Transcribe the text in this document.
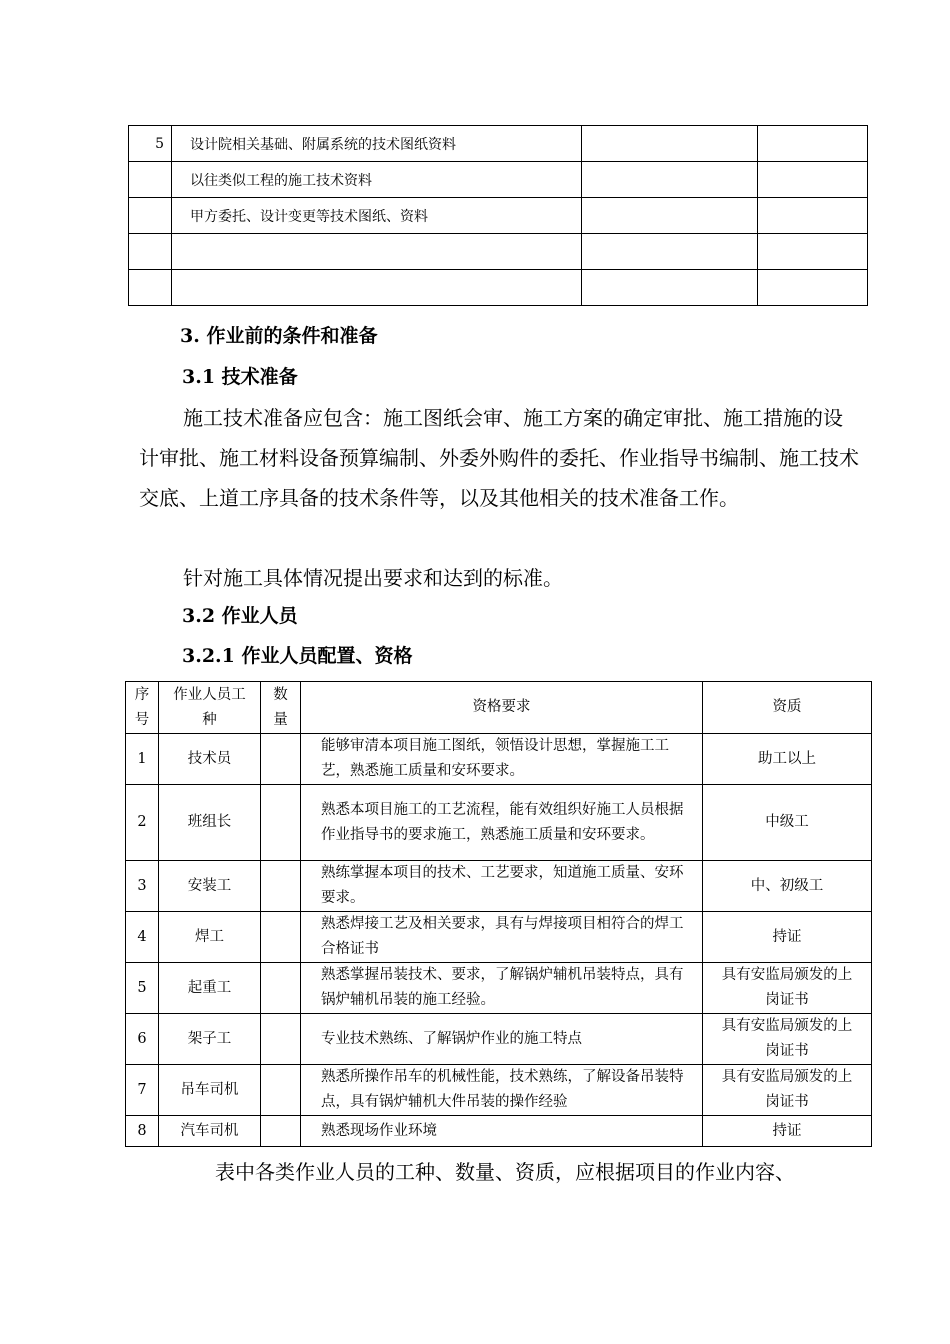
5	设计院相关基础、附属系统的技术图纸资料		
	以往类似工程的施工技术资料		
	甲方委托、设计变更等技术图纸、资料		

3. 作业前的条件和准备
3.1 技术准备
施工技术准备应包含：施工图纸会审、施工方案的确定审批、施工措施的设计审批、施工材料设备预算编制、外委外购件的委托、作业指导书编制、施工技术交底、上道工序具备的技术条件等，以及其他相关的技术准备工作。
针对施工具体情况提出要求和达到的标准。
3.2 作业人员
3.2.1 作业人员配置、资格
序号	作业人员工种	数量	资格要求	资质
1	技术员		能够审清本项目施工图纸，领悟设计思想，掌握施工工艺，熟悉施工质量和安环要求。	助工以上
2	班组长		熟悉本项目施工的工艺流程，能有效组织好施工人员根据作业指导书的要求施工，熟悉施工质量和安环要求。	中级工
3	安装工		熟练掌握本项目的技术、工艺要求，知道施工质量、安环要求。	中、初级工
4	焊工		熟悉焊接工艺及相关要求，具有与焊接项目相符合的焊工合格证书	持证
5	起重工		熟悉掌握吊装技术、要求，了解锅炉辅机吊装特点，具有锅炉辅机吊装的施工经验。	具有安监局颁发的上岗证书
6	架子工		专业技术熟练、了解锅炉作业的施工特点	具有安监局颁发的上岗证书
7	吊车司机		熟悉所操作吊车的机械性能，技术熟练，了解设备吊装特点，具有锅炉辅机大件吊装的操作经验	具有安监局颁发的上岗证书
8	汽车司机		熟悉现场作业环境	持证
表中各类作业人员的工种、数量、资质，应根据项目的作业内容、
